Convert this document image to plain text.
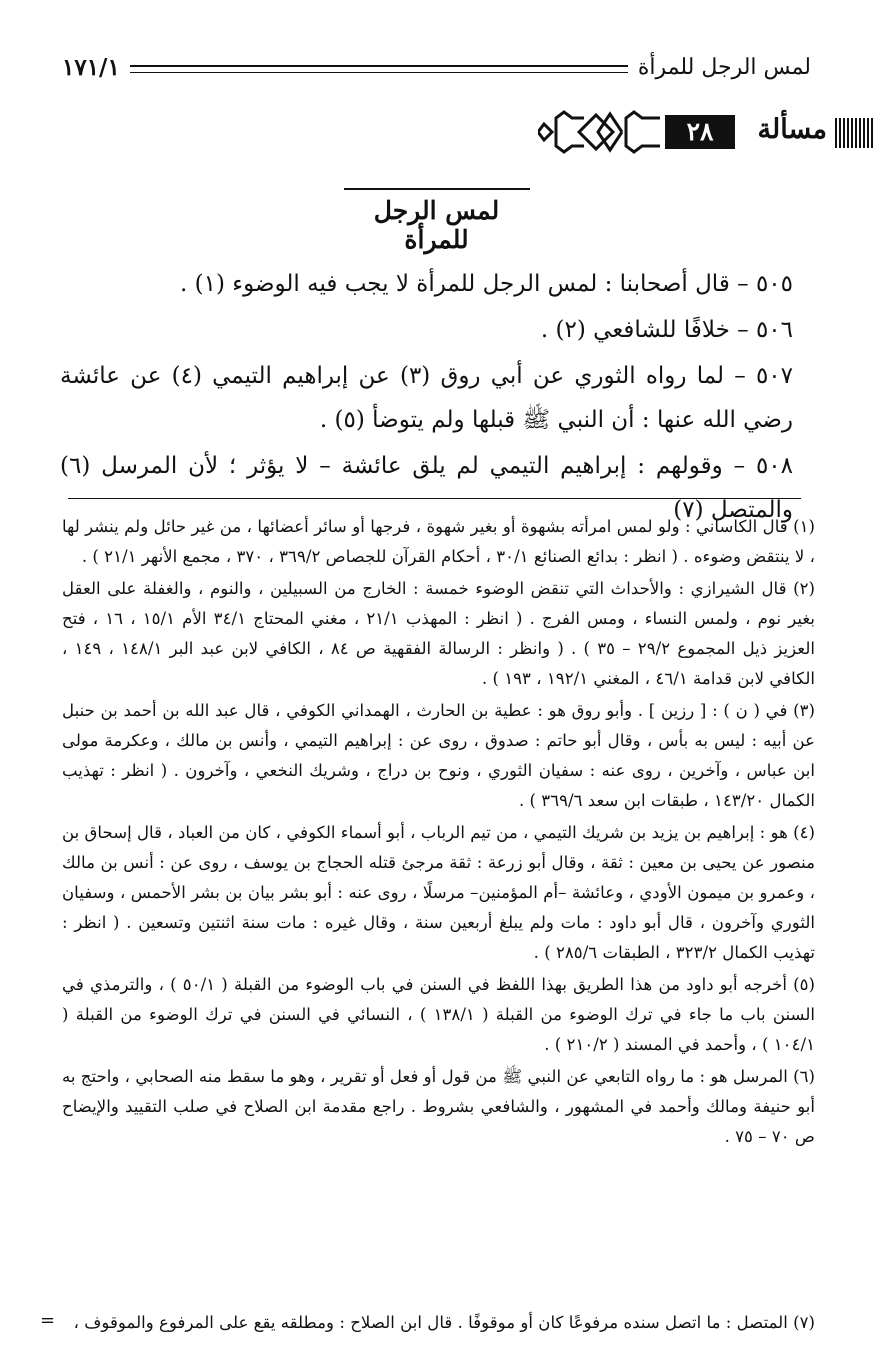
لمس الرجل للمرأة
١٧١/١
مسألة
٢٨
لمس الرجل للمرأة

٥٠٥ – قال أصحابنا : لمس الرجل للمرأة لا يجب فيه الوضوء (١) .

٥٠٦ – خلافًا للشافعي (٢) .

٥٠٧ – لما رواه الثوري عن أبي روق (٣) عن إبراهيم التيمي (٤) عن عائشة رضي الله عنها : أن النبي ﷺ قبلها ولم يتوضأ (٥) .

٥٠٨ – وقولهم : إبراهيم التيمي لم يلق عائشة – لا يؤثر ؛ لأن المرسل (٦) والمتصل (٧)

(١) قال الكاساني : ولو لمس امرأته بشهوة أو بغير شهوة ، فرجها أو سائر أعضائها ، من غير حائل ولم ينشر لها ، لا ينتقض وضوءه . ( انظر : بدائع الصنائع ٣٠/١ ، أحكام القرآن للجصاص ٣٦٩/٢ ، ٣٧٠ ، مجمع الأنهر ٢١/١ ) .

(٢) قال الشيرازي : والأحداث التي تنقض الوضوء خمسة : الخارج من السبيلين ، والنوم ، والغفلة على العقل بغير نوم ، ولمس النساء ، ومس الفرج . ( انظر : المهذب ٢١/١ ، مغني المحتاج ٣٤/١ الأم ١٥/١ ، ١٦ ، فتح العزيز ذيل المجموع ٢٩/٢ – ٣٥ ) . ( وانظر : الرسالة الفقهية ص ٨٤ ، الكافي لابن عبد البر ١٤٨/١ ، ١٤٩ ، الكافي لابن قدامة ٤٦/١ ، المغني ١٩٢/١ ، ١٩٣ ) .

(٣) في ( ن ) : [ رزين ] . وأبو روق هو : عطية بن الحارث ، الهمداني الكوفي ، قال عبد الله بن أحمد بن حنبل عن أبيه : ليس به بأس ، وقال أبو حاتم : صدوق ، روى عن : إبراهيم التيمي ، وأنس بن مالك ، وعكرمة مولى ابن عباس ، وآخرين ، روى عنه : سفيان الثوري ، ونوح بن دراج ، وشريك النخعي ، وآخرون . ( انظر : تهذيب الكمال ١٤٣/٢٠ ، طبقات ابن سعد ٣٦٩/٦ ) .

(٤) هو : إبراهيم بن يزيد بن شريك التيمي ، من تيم الرباب ، أبو أسماء الكوفي ، كان من العباد ، قال إسحاق بن منصور عن يحيى بن معين : ثقة ، وقال أبو زرعة : ثقة مرجئ قتله الحجاج بن يوسف ، روى عن : أنس بن مالك ، وعمرو بن ميمون الأودي ، وعائشة –أم المؤمنين– مرسلًا ، روى عنه : أبو بشر بيان بن بشر الأحمس ، وسفيان الثوري وآخرون ، قال أبو داود : مات ولم يبلغ أربعين سنة ، وقال غيره : مات سنة اثنتين وتسعين . ( انظر : تهذيب الكمال ٣٢٣/٢ ، الطبقات ٢٨٥/٦ ) .

(٥) أخرجه أبو داود من هذا الطريق بهذا اللفظ في السنن في باب الوضوء من القبلة ( ٥٠/١ ) ، والترمذي في السنن باب ما جاء في ترك الوضوء من القبلة ( ١٣٨/١ ) ، النسائي في السنن في ترك الوضوء من القبلة ( ١٠٤/١ ) ، وأحمد في المسند ( ٢١٠/٢ ) .

(٦) المرسل هو : ما رواه التابعي عن النبي ﷺ من قول أو فعل أو تقرير ، وهو ما سقط منه الصحابي ، واحتج به أبو حنيفة ومالك وأحمد في المشهور ، والشافعي بشروط . راجع مقدمة ابن الصلاح في صلب التقييد والإيضاح ص ٧٠ – ٧٥ .

(٧) المتصل : ما اتصل سنده مرفوعًا كان أو موقوفًا . قال ابن الصلاح : ومطلقه يقع على المرفوع والموقوف ،
=
